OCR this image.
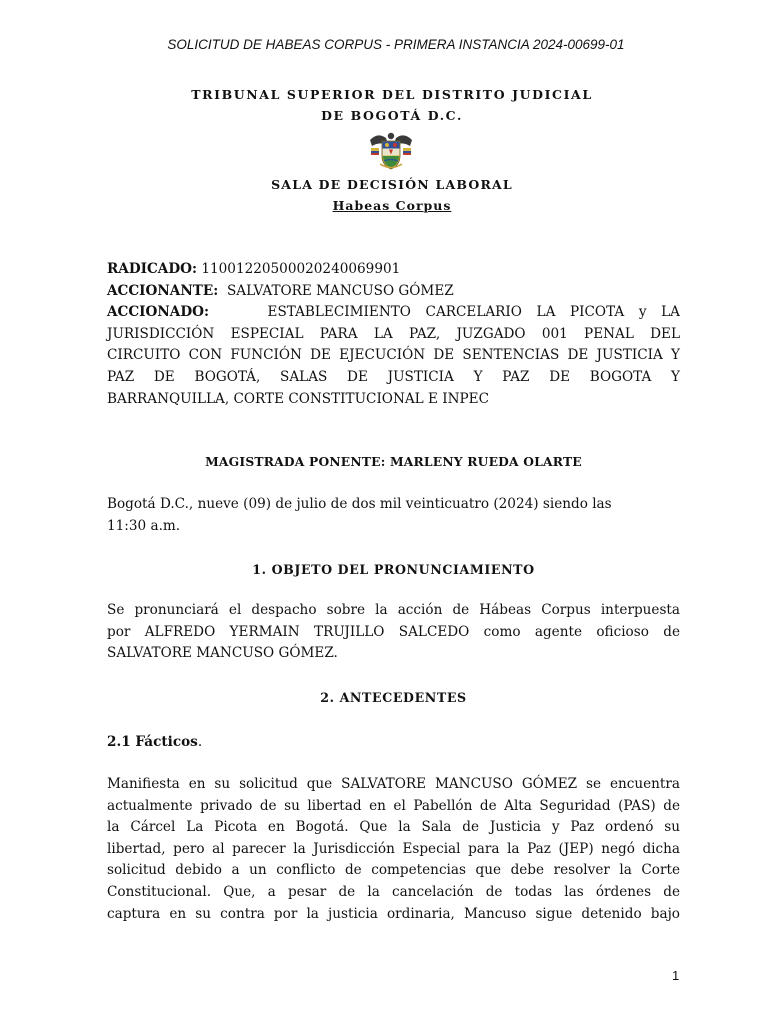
SOLICITUD DE HABEAS CORPUS - PRIMERA INSTANCIA 2024-00699-01
TRIBUNAL SUPERIOR DEL DISTRITO JUDICIAL
DE BOGOTÁ D.C.
SALA DE DECISIÓN LABORAL
Habeas Corpus
RADICADO: 11001220500020240069901
ACCIONANTE: SALVATORE MANCUSO GÓMEZ
ACCIONADO:	ESTABLECIMIENTO CARCELARIO LA PICOTA y LA
JURISDICCIÓN ESPECIAL PARA LA PAZ, JUZGADO 001 PENAL DEL
CIRCUITO CON FUNCIÓN DE EJECUCIÓN DE SENTENCIAS DE JUSTICIA Y
PAZ DE BOGOTÁ, SALAS DE JUSTICIA Y PAZ DE BOGOTA Y
BARRANQUILLA, CORTE CONSTITUCIONAL E INPEC
MAGISTRADA PONENTE: MARLENY RUEDA OLARTE
Bogotá D.C., nueve (09) de julio de dos mil veinticuatro (2024) siendo las
11:30 a.m.
1. OBJETO DEL PRONUNCIAMIENTO
Se pronunciará el despacho sobre la acción de Hábeas Corpus interpuesta
por ALFREDO YERMAIN TRUJILLO SALCEDO como agente oficioso de
SALVATORE MANCUSO GÓMEZ.
2. ANTECEDENTES
2.1 Fácticos.
Manifiesta en su solicitud que SALVATORE MANCUSO GÓMEZ se encuentra
actualmente privado de su libertad en el Pabellón de Alta Seguridad (PAS) de
la Cárcel La Picota en Bogotá. Que la Sala de Justicia y Paz ordenó su
libertad, pero al parecer la Jurisdicción Especial para la Paz (JEP) negó dicha
solicitud debido a un conflicto de competencias que debe resolver la Corte
Constitucional. Que, a pesar de la cancelación de todas las órdenes de
captura en su contra por la justicia ordinaria, Mancuso sigue detenido bajo
1
